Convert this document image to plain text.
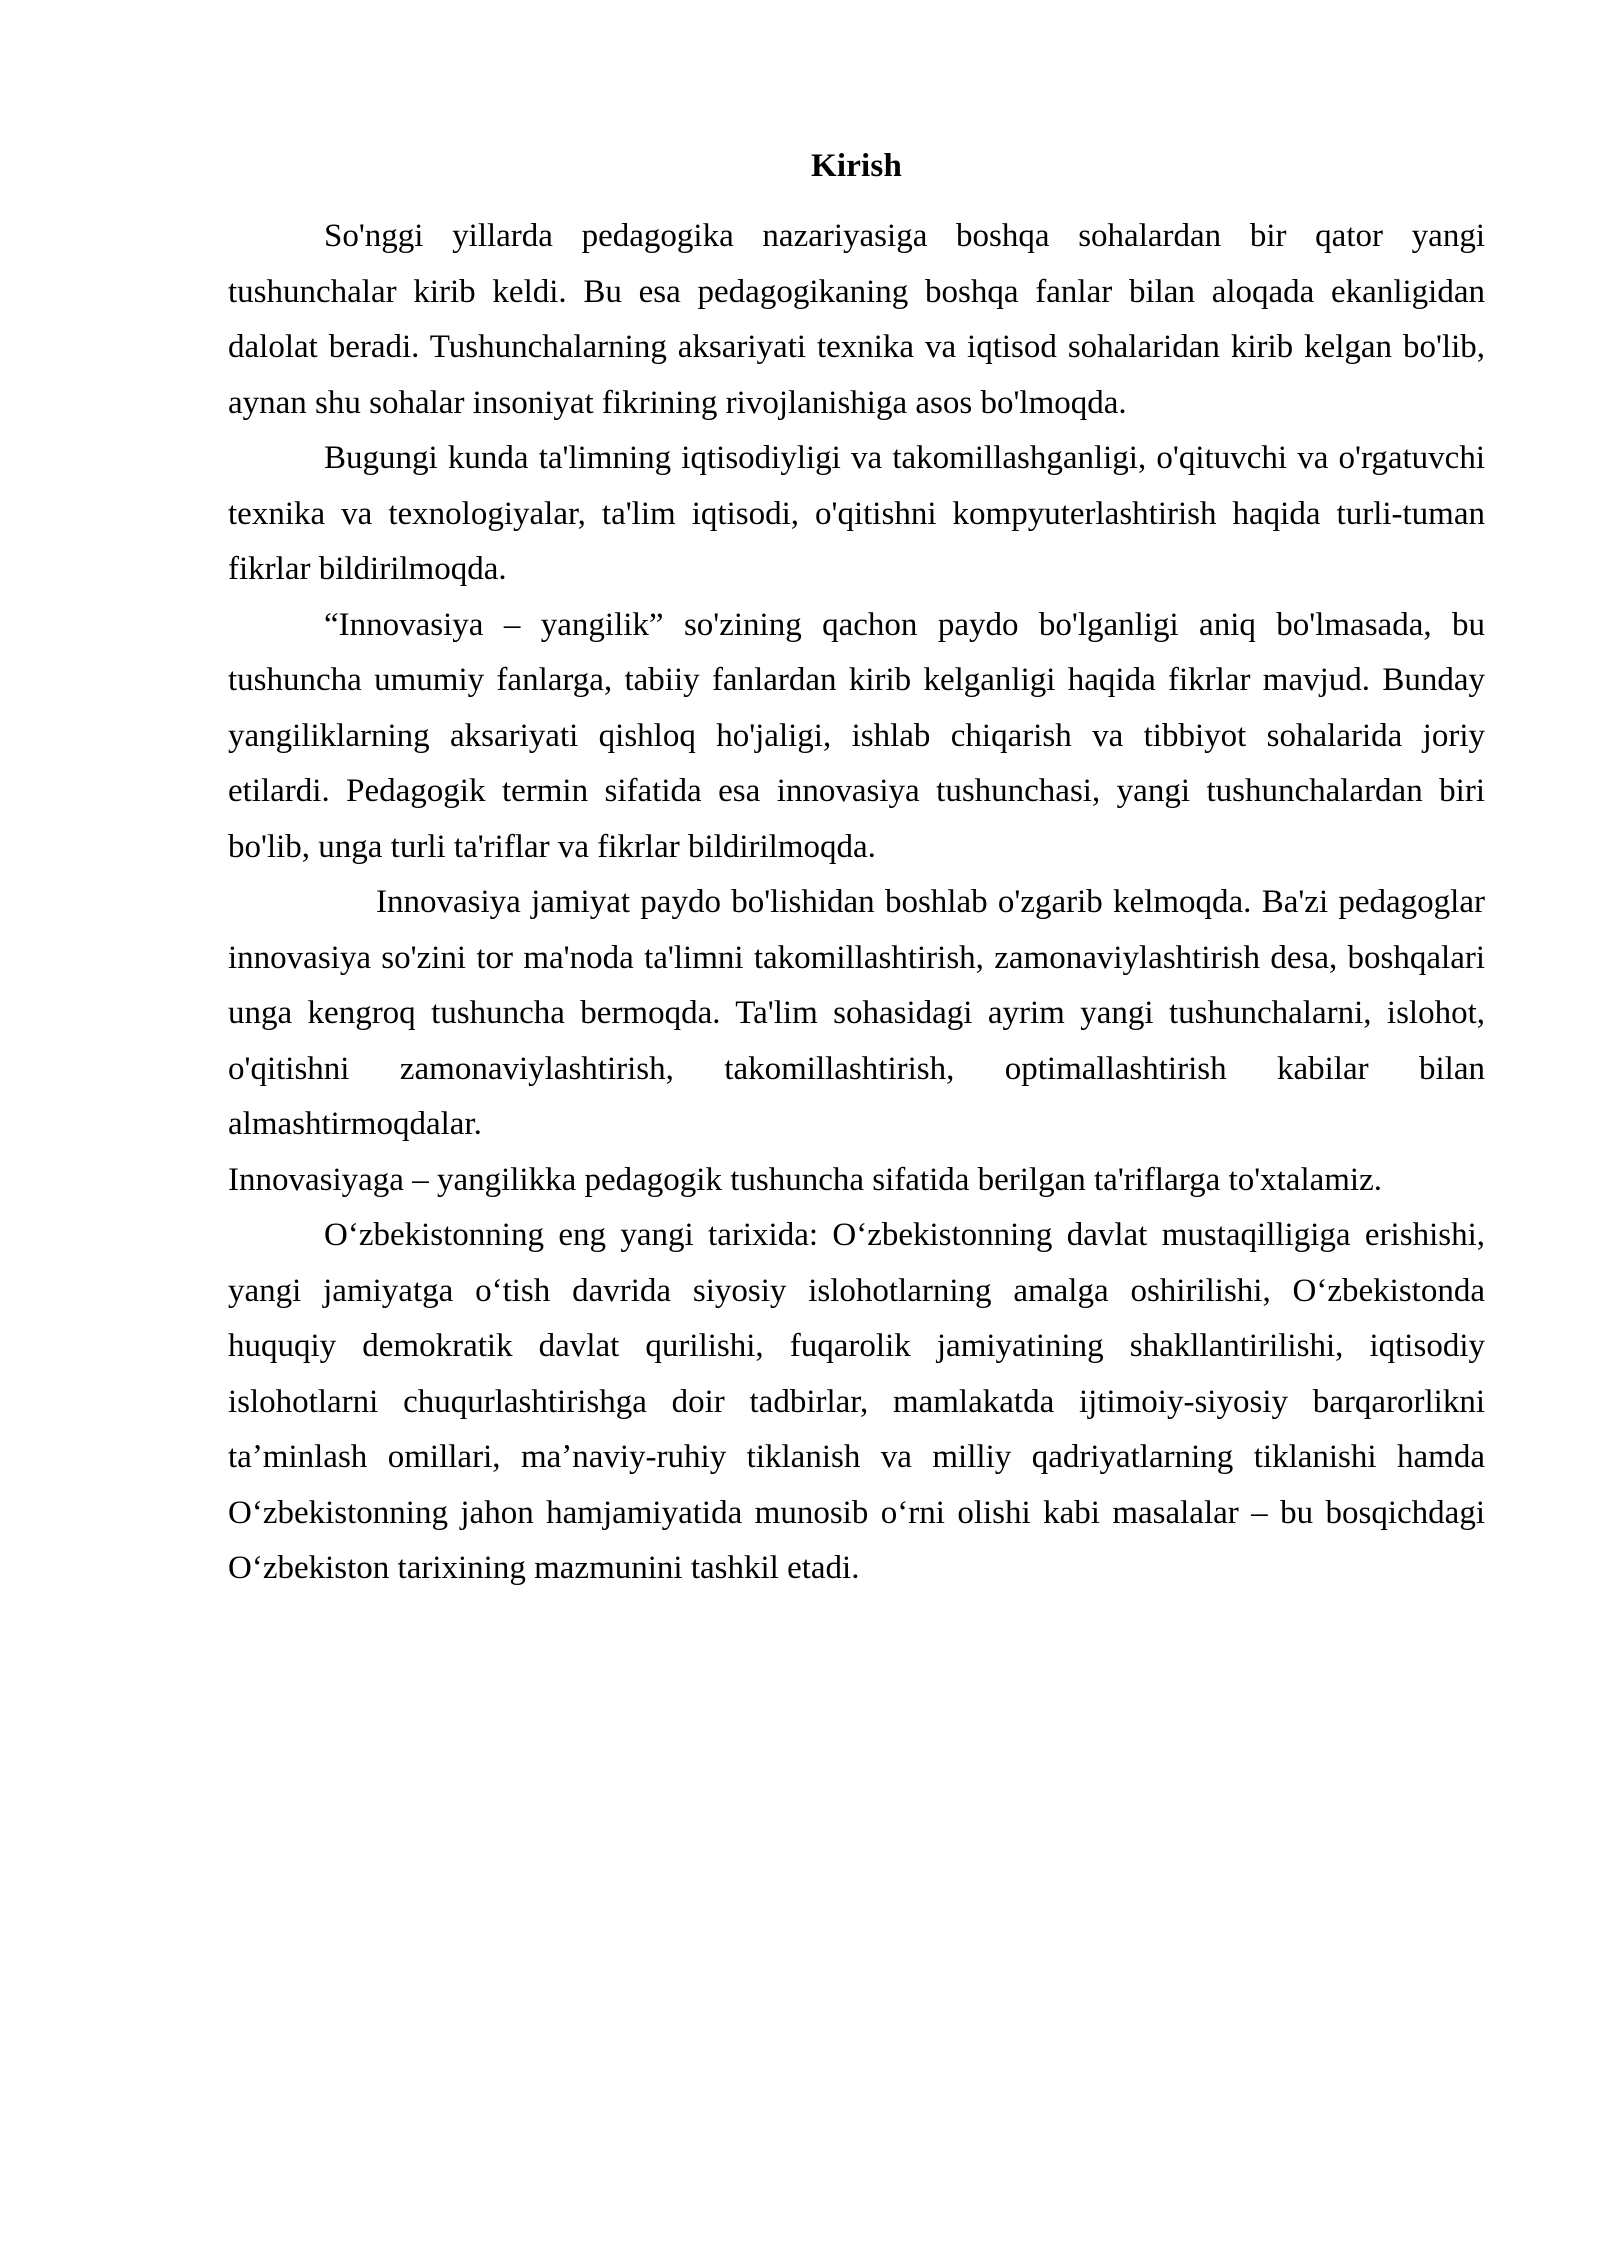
Kirish

So'nggi yillarda pedagogika nazariyasiga boshqa sohalardan bir qator yangi tushunchalar kirib keldi. Bu esa pedagogikaning boshqa fanlar bilan aloqada ekanligidan dalolat beradi. Tushunchalarning aksariyati texnika va iqtisod sohalaridan kirib kelgan bo'lib, aynan shu sohalar insoniyat fikrining rivojlanishiga asos bo'lmoqda.

Bugungi kunda ta'limning iqtisodiyligi va takomillashganligi, o'qituvchi va o'rgatuvchi texnika va texnologiyalar, ta'lim iqtisodi, o'qitishni kompyuterlashtirish haqida turli-tuman fikrlar bildirilmoqda.

“Innovasiya – yangilik” so'zining qachon paydo bo'lganligi aniq bo'lmasada, bu tushuncha umumiy fanlarga, tabiiy fanlardan kirib kelganligi haqida fikrlar mavjud. Bunday yangiliklarning aksariyati qishloq ho'jaligi, ishlab chiqarish va tibbiyot sohalarida joriy etilardi. Pedagogik termin sifatida esa innovasiya tushunchasi, yangi tushunchalardan biri bo'lib, unga turli ta'riflar va fikrlar bildirilmoqda.

Innovasiya jamiyat paydo bo'lishidan boshlab o'zgarib kelmoqda. Ba'zi pedagoglar innovasiya so'zini tor ma'noda ta'limni takomillashtirish, zamonaviylashtirish desa, boshqalari unga kengroq tushuncha bermoqda. Ta'lim sohasidagi ayrim yangi tushunchalarni, islohot, o'qitishni zamonaviylashtirish, takomillashtirish, optimallashtirish kabilar bilan almashtirmoqdalar.

Innovasiyaga – yangilikka pedagogik tushuncha sifatida berilgan ta'riflarga to'xtalamiz.

Oʻzbekistonning eng yangi tarixida: Oʻzbekistonning davlat mustaqilligiga erishishi, yangi jamiyatga oʻtish davrida siyosiy islohotlarning amalga oshirilishi, Oʻzbekistonda huquqiy demokratik davlat qurilishi, fuqarolik jamiyatining shakllantirilishi, iqtisodiy islohotlarni chuqurlashtirishga doir tadbirlar, mamlakatda ijtimoiy-siyosiy barqarorlikni taʼminlash omillari, maʼnaviy-ruhiy tiklanish va milliy qadriyatlarning tiklanishi hamda Oʻzbekistonning jahon hamjamiyatida munosib oʻrni olishi kabi masalalar – bu bosqichdagi Oʻzbekiston tarixining mazmunini tashkil etadi.
